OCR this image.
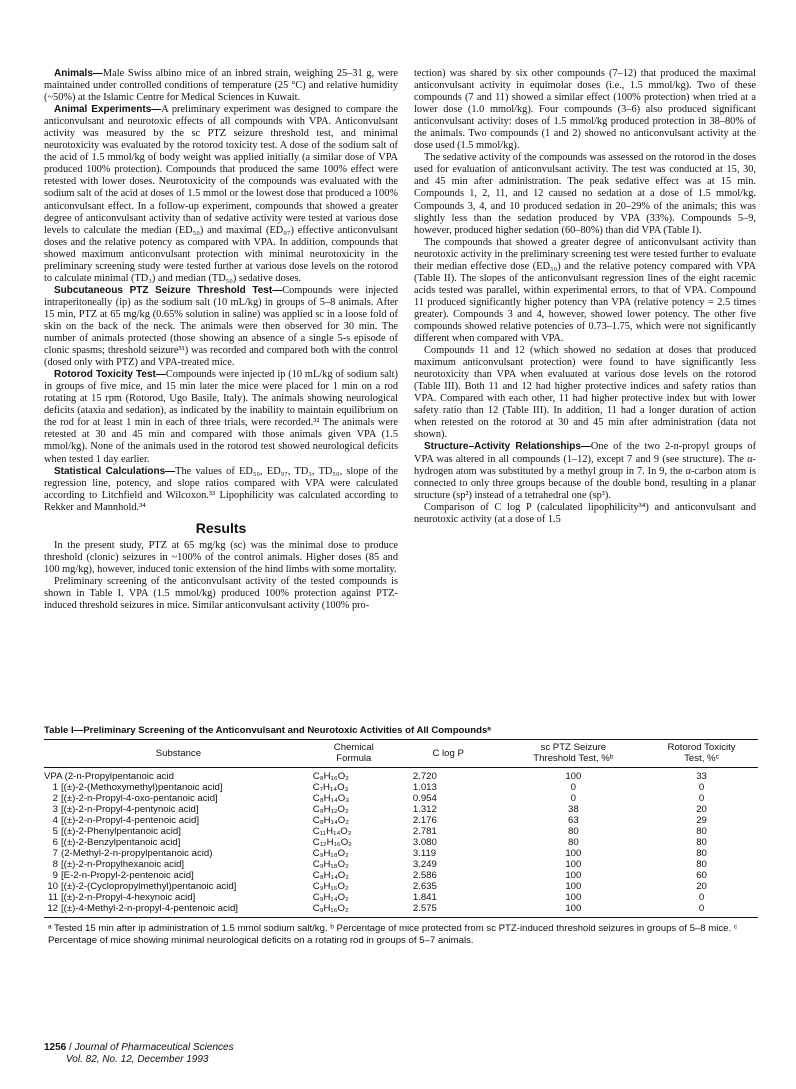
Animals—Male Swiss albino mice of an inbred strain, weighing 25–31 g, were maintained under controlled conditions of temperature (25 °C) and relative humidity (~50%) at the Islamic Centre for Medical Sciences in Kuwait.

Animal Experiments—A preliminary experiment was designed to compare the anticonvulsant and neurotoxic effects of all compounds with VPA. Anticonvulsant activity was measured by the sc PTZ seizure threshold test, and minimal neurotoxicity was evaluated by the rotorod toxicity test. A dose of the sodium salt of the acid of 1.5 mmol/kg of body weight was applied initially (a similar dose of VPA produced 100% protection). Compounds that produced the same 100% effect were retested with lower doses. Neurotoxicity of the compounds was evaluated with the sodium salt of the acid at doses of 1.5 mmol or the lowest dose that produced a 100% anticonvulsant effect. In a follow-up experiment, compounds that showed a greater degree of anticonvulsant activity than of sedative activity were tested at various dose levels to calculate the median (ED₅₀) and maximal (ED₉₇) effective anticonvulsant doses and the relative potency as compared with VPA. In addition, compounds that showed maximum anticonvulsant protection with minimal neurotoxicity in the preliminary screening study were tested further at various dose levels on the rotorod to calculate minimal (TD₃) and median (TD₅₀) sedative doses.

Subcutaneous PTZ Seizure Threshold Test—Compounds were injected intraperitoneally (ip) as the sodium salt (10 mL/kg) in groups of 5–8 animals. After 15 min, PTZ at 65 mg/kg (0.65% solution in saline) was applied sc in a loose fold of skin on the back of the neck. The animals were then observed for 30 min. The number of animals protected (those showing an absence of a single 5-s episode of clonic spasms; threshold seizure³¹) was recorded and compared both with the control (dosed only with PTZ) and VPA-treated mice.

Rotorod Toxicity Test—Compounds were injected ip (10 mL/kg of sodium salt) in groups of five mice, and 15 min later the mice were placed for 1 min on a rod rotating at 15 rpm (Rotorod, Ugo Basile, Italy). The animals showing neurological deficits (ataxia and sedation), as indicated by the inability to maintain equilibrium on the rod for at least 1 min in each of three trials, were recorded.³² The animals were retested at 30 and 45 min and compared with those animals given VPA (1.5 mmol/kg). None of the animals used in the rotorod test showed neurological deficits when tested 1 day earlier.

Statistical Calculations—The values of ED₅₀, ED₉₇, TD₃, TD₅₀, slope of the regression line, potency, and slope ratios compared with VPA were calculated according to Litchfield and Wilcoxon.³³ Lipophilicity was calculated according to Rekker and Mannhold.³⁴

Results

In the present study, PTZ at 65 mg/kg (sc) was the minimal dose to produce threshold (clonic) seizures in ~100% of the control animals. Higher doses (85 and 100 mg/kg), however, induced tonic extension of the hind limbs with some mortality.

Preliminary screening of the anticonvulsant activity of the tested compounds is shown in Table I. VPA (1.5 mmol/kg) produced 100% protection against PTZ-induced threshold seizures in mice. Similar anticonvulsant activity (100% pro-

tection) was shared by six other compounds (7–12) that produced the maximal anticonvulsant activity in equimolar doses (i.e., 1.5 mmol/kg). Two of these compounds (7 and 11) showed a similar effect (100% protection) when tried at a lower dose (1.0 mmol/kg). Four compounds (3–6) also produced significant anticonvulsant activity: doses of 1.5 mmol/kg produced protection in 38–80% of the animals. Two compounds (1 and 2) showed no anticonvulsant activity at the dose used (1.5 mmol/kg).

The sedative activity of the compounds was assessed on the rotorod in the doses used for evaluation of anticonvulsant activity. The test was conducted at 15, 30, and 45 min after administration. The peak sedative effect was at 15 min. Compounds 1, 2, 11, and 12 caused no sedation at a dose of 1.5 mmol/kg. Compounds 3, 4, and 10 produced sedation in 20–29% of the animals; this was slightly less than the sedation produced by VPA (33%). Compounds 5–9, however, produced higher sedation (60–80%) than did VPA (Table I).

The compounds that showed a greater degree of anticonvulsant activity than neurotoxic activity in the preliminary screening test were tested further to evaluate their median effective dose (ED₅₀) and the relative potency compared with VPA (Table II). The slopes of the anticonvulsant regression lines of the eight racemic acids tested was parallel, within experimental errors, to that of VPA. Compound 11 produced significantly higher potency than VPA (relative potency = 2.5 times greater). Compounds 3 and 4, however, showed lower potency. The other five compounds showed relative potencies of 0.73–1.75, which were not significantly different when compared with VPA.

Compounds 11 and 12 (which showed no sedation at doses that produced maximum anticonvulsant protection) were found to have significantly less neurotoxicity than VPA when evaluated at various dose levels on the rotorod (Table III). Both 11 and 12 had higher protective indices and safety ratios than VPA. Compared with each other, 11 had higher protective index but with lower safety ratio than 12 (Table III). In addition, 11 had a longer duration of action when retested on the rotorod at 30 and 45 min after administration (data not shown).

Structure–Activity Relationships—One of the two 2-n-propyl groups of VPA was altered in all compounds (1–12), except 7 and 9 (see structure). The α-hydrogen atom was substituted by a methyl group in 7. In 9, the α-carbon atom is connected to only three groups because of the double bond, resulting in a planar structure (sp²) instead of a tetrahedral one (sp³).

Comparison of C log P (calculated lipophilicity³⁴) and anticonvulsant and neurotoxic activity (at a dose of 1.5

Table I—Preliminary Screening of the Anticonvulsant and Neurotoxic Activities of All Compoundsᵃ
Substance	Chemical
Formula	C log P	sc PTZ Seizure
Threshold Test, %ᵇ	Rotorod Toxicity
Test, %ᶜ
VPA (2-n-Propylpentanoic acid	C₈H₁₆O₂	2.720	100	33
1 [(±)-2-(Methoxymethyl)pentanoic acid]	C₇H₁₄O₃	1.013	0	0
2 [(±)-2-n-Propyl-4-oxo-pentanoic acid]	C₈H₁₄O₃	0.954	0	0
3 [(±)-2-n-Propyl-4-pentynoic acid]	C₈H₁₂O₂	1.312	38	20
4 [(±)-2-n-Propyl-4-pentenoic acid]	C₈H₁₄O₂	2.176	63	29
5 [(±)-2-Phenylpentanoic acid]	C₁₁H₁₄O₂	2.781	80	80
6 [(±)-2-Benzylpentanoic acid]	C₁₂H₁₆O₂	3.080	80	80
7 (2-Methyl-2-n-propylpentanoic acid)	C₉H₁₈O₂	3.119	100	80
8 [(±)-2-n-Propylhexanoic acid]	C₉H₁₈O₂	3.249	100	80
9 [E-2-n-Propyl-2-pentenoic acid]	C₈H₁₄O₂	2.586	100	60
10 [(±)-2-(Cyclopropylmethyl)pentanoic acid]	C₉H₁₆O₂	2.635	100	20
11 [(±)-2-n-Propyl-4-hexynoic acid]	C₉H₁₄O₂	1.841	100	0
12 [(±)-4-Methyl-2-n-propyl-4-pentenoic acid]	C₉H₁₆O₂	2.575	100	0
ᵃ Tested 15 min after ip administration of 1.5 mmol sodium salt/kg. ᵇ Percentage of mice protected from sc PTZ-induced threshold seizures in groups of 5–8 mice. ᶜ Percentage of mice showing minimal neurological deficits on a rotating rod in groups of 5–7 animals.
1256 / Journal of Pharmaceutical Sciences
Vol. 82, No. 12, December 1993
